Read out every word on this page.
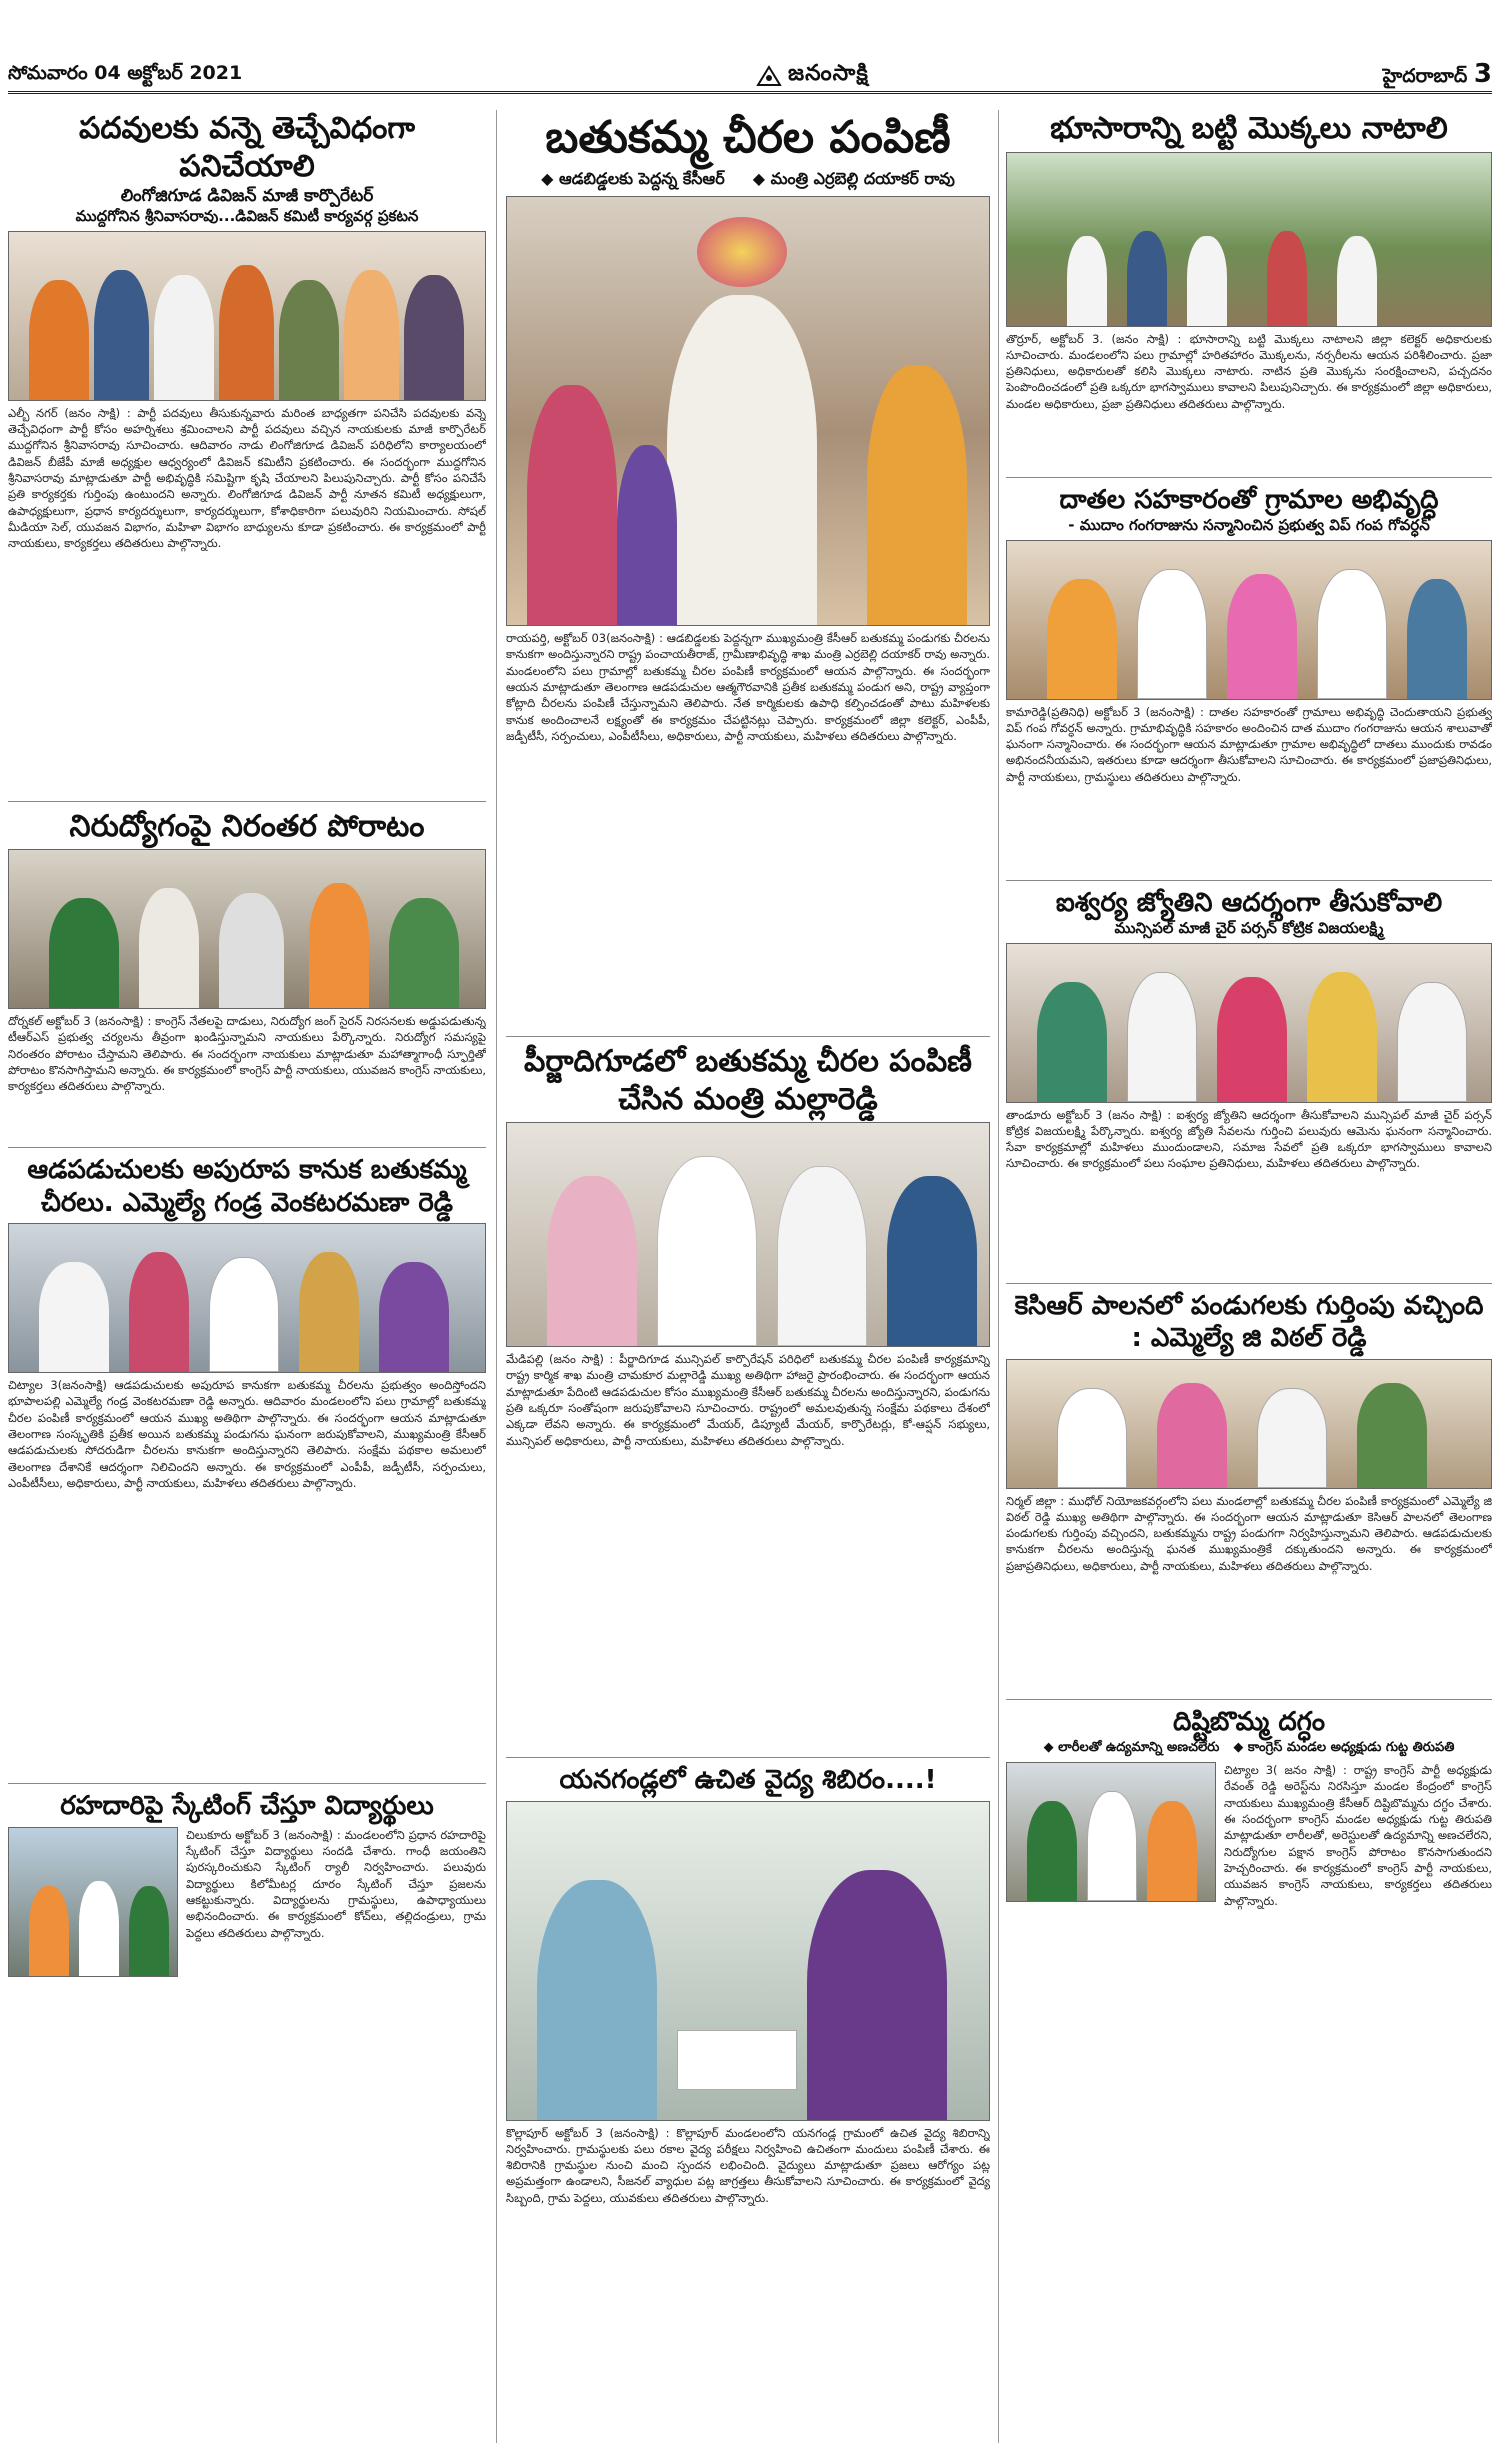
సోమవారం 04 అక్టోబర్ 2021	జనంసాక్షి	హైదరాబాద్ 3
పదవులకు వన్నె తెచ్చేవిధంగా పనిచేయాలి
లింగోజిగూడ డివిజన్ మాజీ కార్పొరేటర్
ముద్దగోనిన శ్రీనివాసరావు...డివిజన్ కమిటీ కార్యవర్గ ప్రకటన
ఎల్బీ నగర్ (జనం సాక్షి) : పార్టీ పదవులు తీసుకున్నవారు మరింత బాధ్యతగా పనిచేసి పదవులకు వన్నె తెచ్చేవిధంగా పార్టీ కోసం అహర్నిశలు శ్రమించాలని పార్టీ పదవులు వచ్చిన నాయకులకు మాజీ కార్పొరేటర్ ముద్దగోనిన శ్రీనివాసరావు సూచించారు. ఆదివారం నాడు లింగోజిగూడ డివిజన్ పరిధిలోని కార్యాలయంలో డివిజన్ బీజేపీ మాజీ అధ్యక్షుల ఆధ్వర్యంలో డివిజన్ కమిటీని ప్రకటించారు. ఈ సందర్భంగా ముద్దగోనిన శ్రీనివాసరావు మాట్లాడుతూ పార్టీ అభివృద్ధికి సమిష్టిగా కృషి చేయాలని పిలుపునిచ్చారు. పార్టీ కోసం పనిచేసే ప్రతి కార్యకర్తకు గుర్తింపు ఉంటుందని అన్నారు. లింగోజిగూడ డివిజన్ పార్టీ నూతన కమిటీ అధ్యక్షులుగా, ఉపాధ్యక్షులుగా, ప్రధాన కార్యదర్శులుగా, కార్యదర్శులుగా, కోశాధికారిగా పలువురిని నియమించారు. సోషల్ మీడియా సెల్, యువజన విభాగం, మహిళా విభాగం బాధ్యులను కూడా ప్రకటించారు. ఈ కార్యక్రమంలో పార్టీ నాయకులు, కార్యకర్తలు తదితరులు పాల్గొన్నారు.
నిరుద్యోగంపై నిరంతర పోరాటం
దోర్నకల్ అక్టోబర్ 3 (జనంసాక్షి) : కాంగ్రెస్ నేతలపై దాడులు, నిరుద్యోగ జంగ్ సైరన్ నిరసనలకు అడ్డుపడుతున్న టీఆర్ఎస్ ప్రభుత్వ చర్యలను తీవ్రంగా ఖండిస్తున్నామని నాయకులు పేర్కొన్నారు. నిరుద్యోగ సమస్యపై నిరంతరం పోరాటం చేస్తామని తెలిపారు. ఈ సందర్భంగా నాయకులు మాట్లాడుతూ మహాత్మాగాంధీ స్ఫూర్తితో పోరాటం కొనసాగిస్తామని అన్నారు. ఈ కార్యక్రమంలో కాంగ్రెస్ పార్టీ నాయకులు, యువజన కాంగ్రెస్ నాయకులు, కార్యకర్తలు తదితరులు పాల్గొన్నారు.
ఆడపడుచులకు అపురూప కానుక బతుకమ్మ చీరలు. ఎమ్మెల్యే గండ్ర వెంకటరమణా రెడ్డి
చిట్యాల 3(జనంసాక్షి) ఆడపడుచులకు అపురూప కానుకగా బతుకమ్మ చీరలను ప్రభుత్వం అందిస్తోందని భూపాలపల్లి ఎమ్మెల్యే గండ్ర వెంకటరమణా రెడ్డి అన్నారు. ఆదివారం మండలంలోని పలు గ్రామాల్లో బతుకమ్మ చీరల పంపిణీ కార్యక్రమంలో ఆయన ముఖ్య అతిథిగా పాల్గొన్నారు. ఈ సందర్భంగా ఆయన మాట్లాడుతూ తెలంగాణ సంస్కృతికి ప్రతీక అయిన బతుకమ్మ పండుగను ఘనంగా జరుపుకోవాలని, ముఖ్యమంత్రి కేసీఆర్ ఆడపడుచులకు సోదరుడిగా చీరలను కానుకగా అందిస్తున్నారని తెలిపారు. సంక్షేమ పథకాల అమలులో తెలంగాణ దేశానికే ఆదర్శంగా నిలిచిందని అన్నారు. ఈ కార్యక్రమంలో ఎంపీపీ, జడ్పీటీసీ, సర్పంచులు, ఎంపీటీసీలు, అధికారులు, పార్టీ నాయకులు, మహిళలు తదితరులు పాల్గొన్నారు.
రహదారిపై స్కేటింగ్ చేస్తూ విద్యార్థులు
చిలుకూరు అక్టోబర్ 3 (జనంసాక్షి) : మండలంలోని ప్రధాన రహదారిపై స్కేటింగ్ చేస్తూ విద్యార్థులు సందడి చేశారు. గాంధీ జయంతిని పురస్కరించుకుని స్కేటింగ్ ర్యాలీ నిర్వహించారు. పలువురు విద్యార్థులు కిలోమీటర్ల దూరం స్కేటింగ్ చేస్తూ ప్రజలను ఆకట్టుకున్నారు. విద్యార్థులను గ్రామస్థులు, ఉపాధ్యాయులు అభినందించారు. ఈ కార్యక్రమంలో కోచ్‌లు, తల్లిదండ్రులు, గ్రామ పెద్దలు తదితరులు పాల్గొన్నారు.
బతుకమ్మ చీరల పంపిణీ
◆ ఆడబిడ్డలకు పెద్దన్న కేసీఆర్ ◆ మంత్రి ఎర్రబెల్లి దయాకర్ రావు
రాయపర్తి, అక్టోబర్ 03(జనంసాక్షి) : ఆడబిడ్డలకు పెద్దన్నగా ముఖ్యమంత్రి కేసీఆర్ బతుకమ్మ పండుగకు చీరలను కానుకగా అందిస్తున్నారని రాష్ట్ర పంచాయతీరాజ్, గ్రామీణాభివృద్ధి శాఖ మంత్రి ఎర్రబెల్లి దయాకర్ రావు అన్నారు. మండలంలోని పలు గ్రామాల్లో బతుకమ్మ చీరల పంపిణీ కార్యక్రమంలో ఆయన పాల్గొన్నారు. ఈ సందర్భంగా ఆయన మాట్లాడుతూ తెలంగాణ ఆడపడుచుల ఆత్మగౌరవానికి ప్రతీక బతుకమ్మ పండుగ అని, రాష్ట్ర వ్యాప్తంగా కోట్లాది చీరలను పంపిణీ చేస్తున్నామని తెలిపారు. నేత కార్మికులకు ఉపాధి కల్పించడంతో పాటు మహిళలకు కానుక అందించాలనే లక్ష్యంతో ఈ కార్యక్రమం చేపట్టినట్లు చెప్పారు. కార్యక్రమంలో జిల్లా కలెక్టర్, ఎంపీపీ, జడ్పీటీసీ, సర్పంచులు, ఎంపీటీసీలు, అధికారులు, పార్టీ నాయకులు, మహిళలు తదితరులు పాల్గొన్నారు.
పీర్జాదిగూడలో బతుకమ్మ చీరల పంపిణీ చేసిన మంత్రి మల్లారెడ్డి
మేడిపల్లి (జనం సాక్షి) : పీర్జాదిగూడ మున్సిపల్ కార్పొరేషన్ పరిధిలో బతుకమ్మ చీరల పంపిణీ కార్యక్రమాన్ని రాష్ట్ర కార్మిక శాఖ మంత్రి చామకూర మల్లారెడ్డి ముఖ్య అతిథిగా హాజరై ప్రారంభించారు. ఈ సందర్భంగా ఆయన మాట్లాడుతూ పేదింటి ఆడపడుచుల కోసం ముఖ్యమంత్రి కేసీఆర్ బతుకమ్మ చీరలను అందిస్తున్నారని, పండుగను ప్రతి ఒక్కరూ సంతోషంగా జరుపుకోవాలని సూచించారు. రాష్ట్రంలో అమలవుతున్న సంక్షేమ పథకాలు దేశంలో ఎక్కడా లేవని అన్నారు. ఈ కార్యక్రమంలో మేయర్, డిప్యూటీ మేయర్, కార్పొరేటర్లు, కో-ఆప్షన్ సభ్యులు, మున్సిపల్ అధికారులు, పార్టీ నాయకులు, మహిళలు తదితరులు పాల్గొన్నారు.
యనగండ్లలో ఉచిత వైద్య శిబిరం....!
కొల్లాపూర్ అక్టోబర్ 3 (జనంసాక్షి) : కొల్లాపూర్ మండలంలోని యనగండ్ల గ్రామంలో ఉచిత వైద్య శిబిరాన్ని నిర్వహించారు. గ్రామస్థులకు పలు రకాల వైద్య పరీక్షలు నిర్వహించి ఉచితంగా మందులు పంపిణీ చేశారు. ఈ శిబిరానికి గ్రామస్థుల నుంచి మంచి స్పందన లభించింది. వైద్యులు మాట్లాడుతూ ప్రజలు ఆరోగ్యం పట్ల అప్రమత్తంగా ఉండాలని, సీజనల్ వ్యాధుల పట్ల జాగ్రత్తలు తీసుకోవాలని సూచించారు. ఈ కార్యక్రమంలో వైద్య సిబ్బంది, గ్రామ పెద్దలు, యువకులు తదితరులు పాల్గొన్నారు.
భూసారాన్ని బట్టి మొక్కలు నాటాలి
తొర్రూర్, అక్టోబర్ 3. (జనం సాక్షి) : భూసారాన్ని బట్టి మొక్కలు నాటాలని జిల్లా కలెక్టర్ అధికారులకు సూచించారు. మండలంలోని పలు గ్రామాల్లో హరితహారం మొక్కలను, నర్సరీలను ఆయన పరిశీలించారు. ప్రజా ప్రతినిధులు, అధికారులతో కలిసి మొక్కలు నాటారు. నాటిన ప్రతి మొక్కను సంరక్షించాలని, పచ్చదనం పెంపొందించడంలో ప్రతి ఒక్కరూ భాగస్వాములు కావాలని పిలుపునిచ్చారు. ఈ కార్యక్రమంలో జిల్లా అధికారులు, మండల అధికారులు, ప్రజా ప్రతినిధులు తదితరులు పాల్గొన్నారు.
దాతల సహకారంతో గ్రామాల అభివృద్ధి
- ముదాం గంగరాజును సన్మానించిన ప్రభుత్వ విప్ గంప గోవర్ధన్
కామారెడ్డి(ప్రతినిధి) అక్టోబర్ 3 (జనంసాక్షి) : దాతల సహకారంతో గ్రామాలు అభివృద్ధి చెందుతాయని ప్రభుత్వ విప్ గంప గోవర్ధన్ అన్నారు. గ్రామాభివృద్ధికి సహకారం అందించిన దాత ముదాం గంగరాజును ఆయన శాలువాతో ఘనంగా సన్మానించారు. ఈ సందర్భంగా ఆయన మాట్లాడుతూ గ్రామాల అభివృద్ధిలో దాతలు ముందుకు రావడం అభినందనీయమని, ఇతరులు కూడా ఆదర్శంగా తీసుకోవాలని సూచించారు. ఈ కార్యక్రమంలో ప్రజాప్రతినిధులు, పార్టీ నాయకులు, గ్రామస్థులు తదితరులు పాల్గొన్నారు.
ఐశ్వర్య జ్యోతిని ఆదర్శంగా తీసుకోవాలి
మున్సిపల్ మాజీ చైర్ పర్సన్ కోట్రిక విజయలక్ష్మి
తాండూరు అక్టోబర్ 3 (జనం సాక్షి) : ఐశ్వర్య జ్యోతిని ఆదర్శంగా తీసుకోవాలని మున్సిపల్ మాజీ చైర్ పర్సన్ కోట్రిక విజయలక్ష్మి పేర్కొన్నారు. ఐశ్వర్య జ్యోతి సేవలను గుర్తించి పలువురు ఆమెను ఘనంగా సన్మానించారు. సేవా కార్యక్రమాల్లో మహిళలు ముందుండాలని, సమాజ సేవలో ప్రతి ఒక్కరూ భాగస్వాములు కావాలని సూచించారు. ఈ కార్యక్రమంలో పలు సంఘాల ప్రతినిధులు, మహిళలు తదితరులు పాల్గొన్నారు.
కెసిఆర్ పాలనలో పండుగలకు గుర్తింపు వచ్చింది : ఎమ్మెల్యే జి విఠల్ రెడ్డి
నిర్మల్ జిల్లా : ముధోల్ నియోజకవర్గంలోని పలు మండలాల్లో బతుకమ్మ చీరల పంపిణీ కార్యక్రమంలో ఎమ్మెల్యే జి విఠల్ రెడ్డి ముఖ్య అతిథిగా పాల్గొన్నారు. ఈ సందర్భంగా ఆయన మాట్లాడుతూ కెసిఆర్ పాలనలో తెలంగాణ పండుగలకు గుర్తింపు వచ్చిందని, బతుకమ్మను రాష్ట్ర పండుగగా నిర్వహిస్తున్నామని తెలిపారు. ఆడపడుచులకు కానుకగా చీరలను అందిస్తున్న ఘనత ముఖ్యమంత్రికే దక్కుతుందని అన్నారు. ఈ కార్యక్రమంలో ప్రజాప్రతినిధులు, అధికారులు, పార్టీ నాయకులు, మహిళలు తదితరులు పాల్గొన్నారు.
దిష్టిబొమ్మ దగ్ధం
◆ లారీలతో ఉద్యమాన్ని అణచలేరు ◆ కాంగ్రెస్ మండల అధ్యక్షుడు గుట్ట తిరుపతి
చిట్యాల 3( జనం సాక్షి) : రాష్ట్ర కాంగ్రెస్ పార్టీ అధ్యక్షుడు రేవంత్ రెడ్డి అరెస్ట్‌ను నిరసిస్తూ మండల కేంద్రంలో కాంగ్రెస్ నాయకులు ముఖ్యమంత్రి కేసీఆర్ దిష్టిబొమ్మను దగ్ధం చేశారు. ఈ సందర్భంగా కాంగ్రెస్ మండల అధ్యక్షుడు గుట్ట తిరుపతి మాట్లాడుతూ లారీలతో, అరెస్టులతో ఉద్యమాన్ని అణచలేరని, నిరుద్యోగుల పక్షాన కాంగ్రెస్ పోరాటం కొనసాగుతుందని హెచ్చరించారు. ఈ కార్యక్రమంలో కాంగ్రెస్ పార్టీ నాయకులు, యువజన కాంగ్రెస్ నాయకులు, కార్యకర్తలు తదితరులు పాల్గొన్నారు.
